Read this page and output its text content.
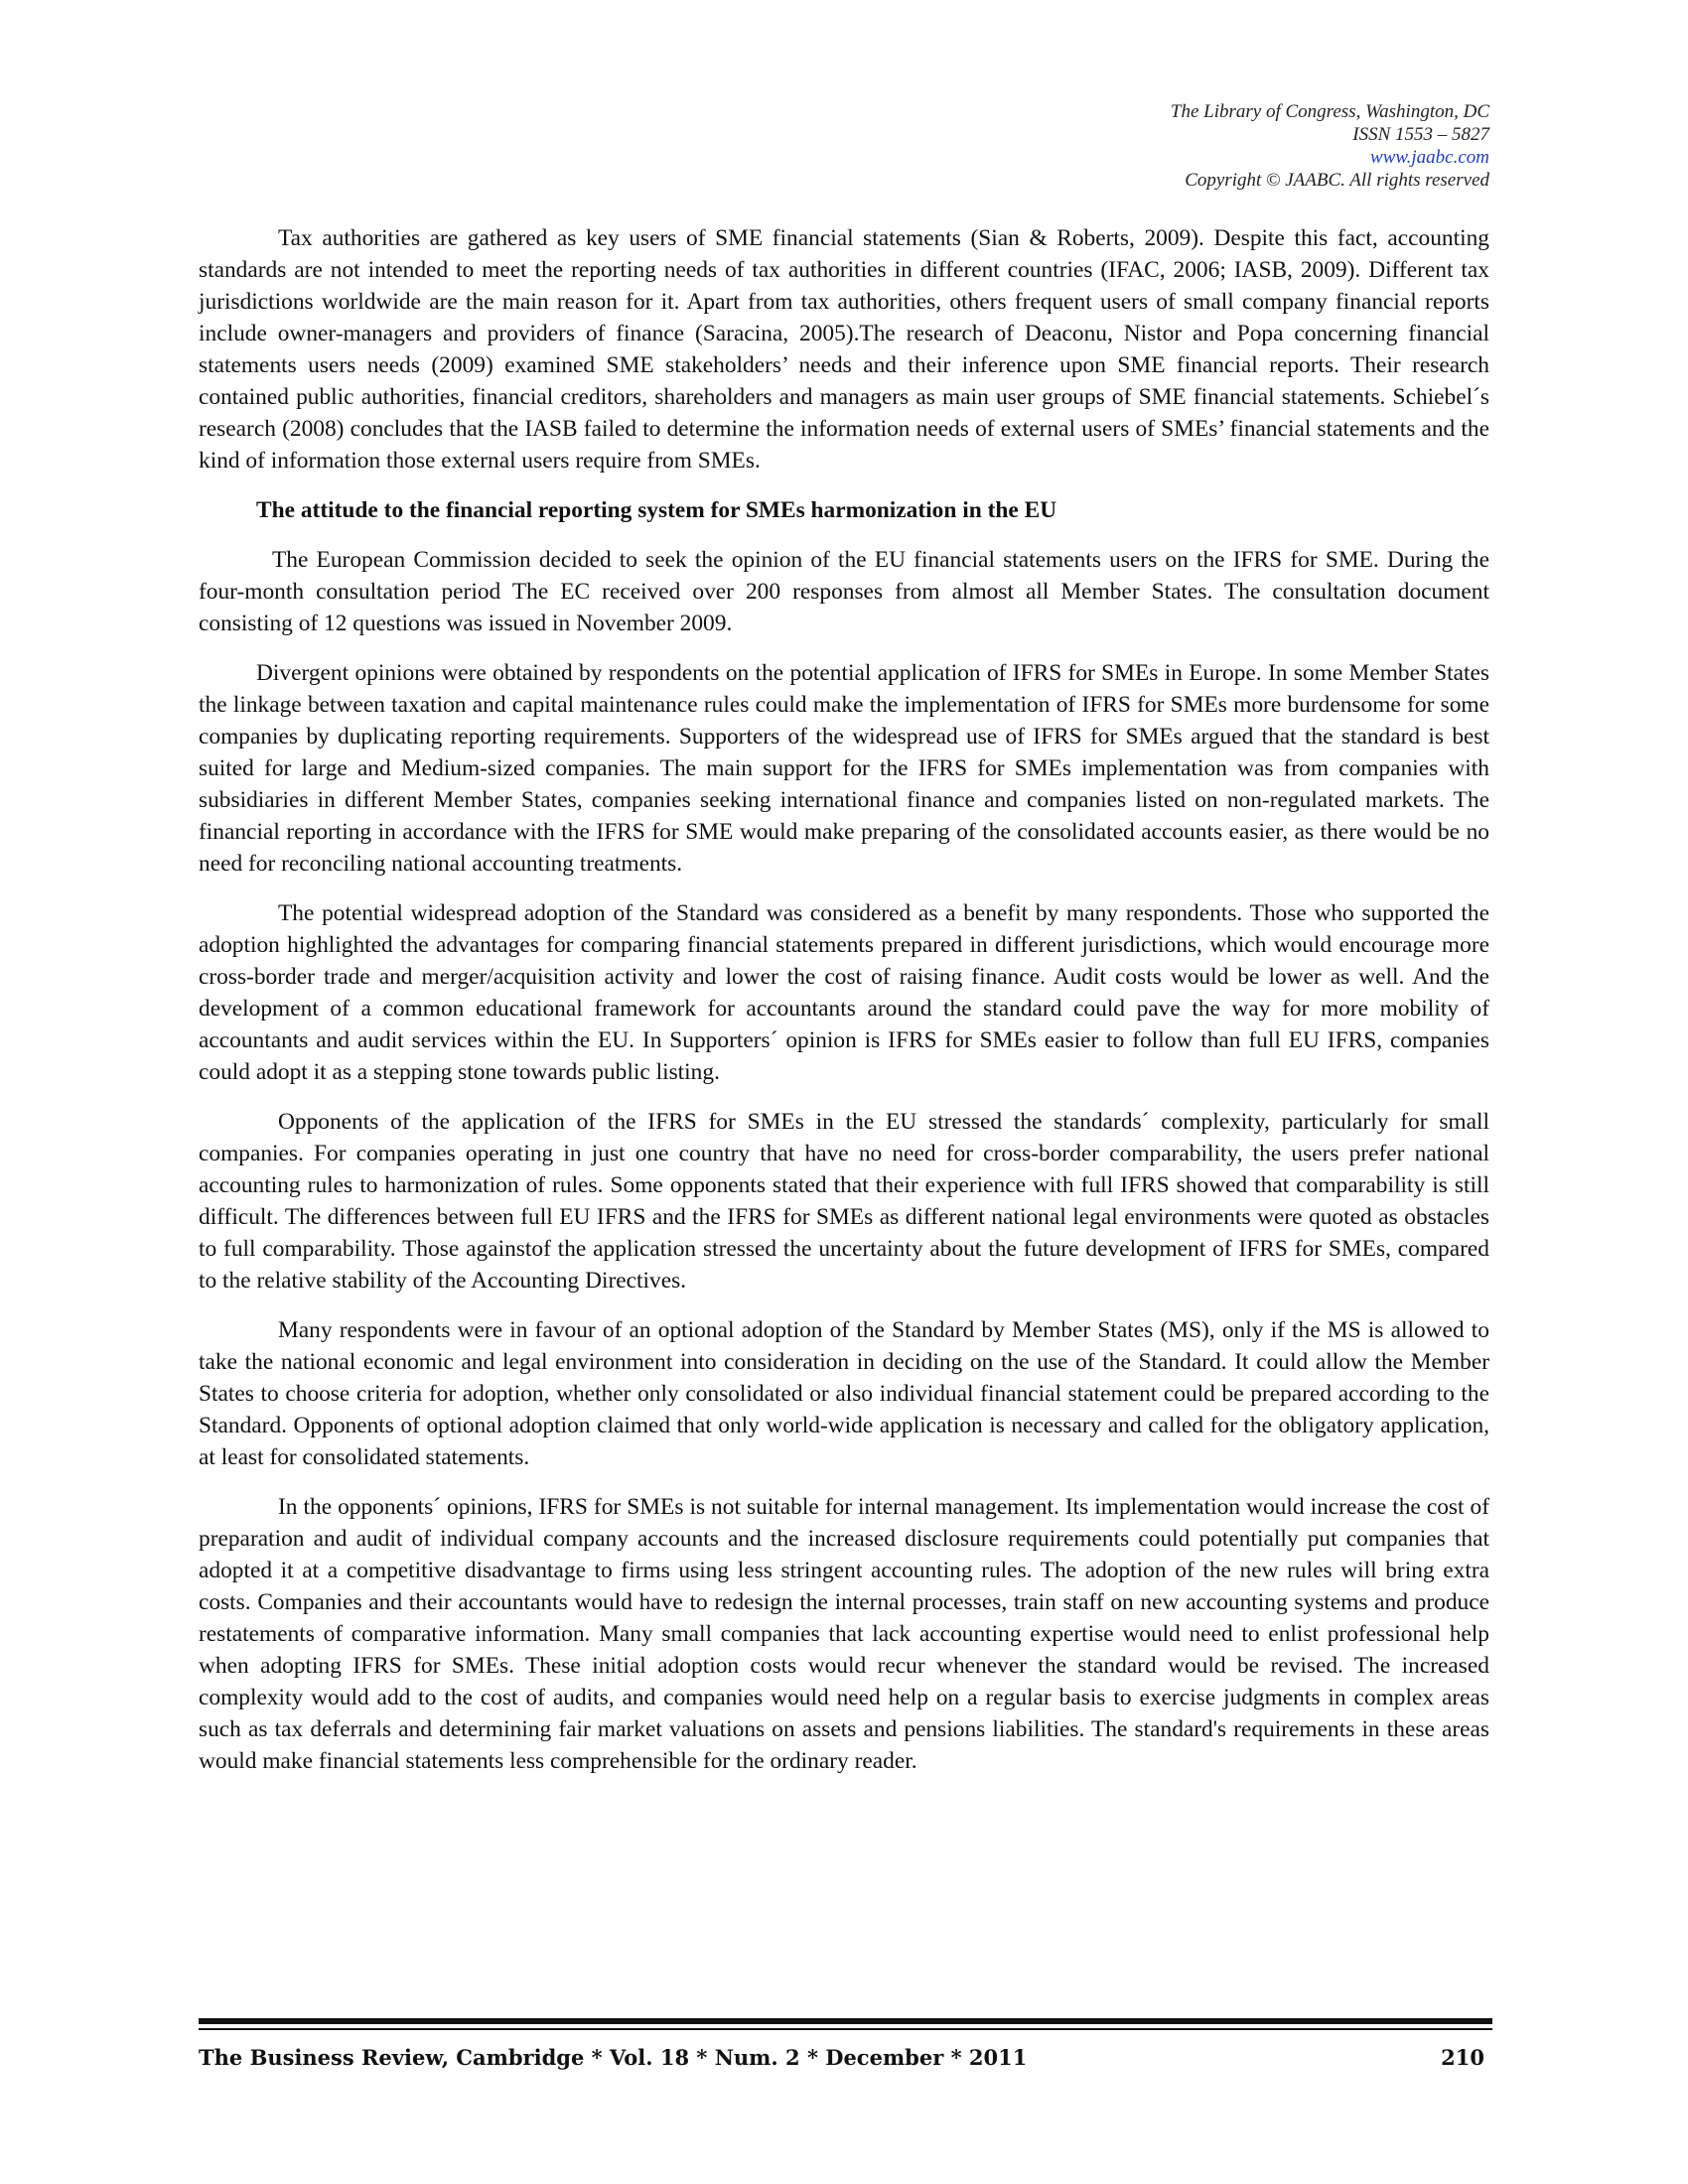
The Library of Congress, Washington, DC
ISSN 1553 – 5827
www.jaabc.com
Copyright © JAABC. All rights reserved

Tax authorities are gathered as key users of SME financial statements (Sian & Roberts, 2009). Despite this fact, accounting standards are not intended to meet the reporting needs of tax authorities in different countries (IFAC, 2006; IASB, 2009). Different tax jurisdictions worldwide are the main reason for it. Apart from tax authorities, others frequent users of small company financial reports include owner-managers and providers of finance (Saracina, 2005).The research of Deaconu, Nistor and Popa concerning financial statements users needs (2009) examined SME stakeholders’ needs and their inference upon SME financial reports. Their research contained public authorities, financial creditors, shareholders and managers as main user groups of SME financial statements. Schiebel´s research (2008) concludes that the IASB failed to determine the information needs of external users of SMEs’ financial statements and the kind of information those external users require from SMEs.

The attitude to the financial reporting system for SMEs harmonization in the EU

The European Commission decided to seek the opinion of the EU financial statements users on the IFRS for SME. During the four-month consultation period The EC received over 200 responses from almost all Member States. The consultation document consisting of 12 questions was issued in November 2009.

Divergent opinions were obtained by respondents on the potential application of IFRS for SMEs in Europe. In some Member States the linkage between taxation and capital maintenance rules could make the implementation of IFRS for SMEs more burdensome for some companies by duplicating reporting requirements. Supporters of the widespread use of IFRS for SMEs argued that the standard is best suited for large and Medium-sized companies. The main support for the IFRS for SMEs implementation was from companies with subsidiaries in different Member States, companies seeking international finance and companies listed on non-regulated markets. The financial reporting in accordance with the IFRS for SME would make preparing of the consolidated accounts easier, as there would be no need for reconciling national accounting treatments.

The potential widespread adoption of the Standard was considered as a benefit by many respondents. Those who supported the adoption highlighted the advantages for comparing financial statements prepared in different jurisdictions, which would encourage more cross-border trade and merger/acquisition activity and lower the cost of raising finance. Audit costs would be lower as well. And the development of a common educational framework for accountants around the standard could pave the way for more mobility of accountants and audit services within the EU. In Supporters´ opinion is IFRS for SMEs easier to follow than full EU IFRS, companies could adopt it as a stepping stone towards public listing.

Opponents of the application of the IFRS for SMEs in the EU stressed the standards´ complexity, particularly for small companies. For companies operating in just one country that have no need for cross-border comparability, the users prefer national accounting rules to harmonization of rules. Some opponents stated that their experience with full IFRS showed that comparability is still difficult. The differences between full EU IFRS and the IFRS for SMEs as different national legal environments were quoted as obstacles to full comparability. Those againstof the application stressed the uncertainty about the future development of IFRS for SMEs, compared to the relative stability of the Accounting Directives.

Many respondents were in favour of an optional adoption of the Standard by Member States (MS), only if the MS is allowed to take the national economic and legal environment into consideration in deciding on the use of the Standard. It could allow the Member States to choose criteria for adoption, whether only consolidated or also individual financial statement could be prepared according to the Standard. Opponents of optional adoption claimed that only world-wide application is necessary and called for the obligatory application, at least for consolidated statements.

In the opponents´ opinions, IFRS for SMEs is not suitable for internal management. Its implementation would increase the cost of preparation and audit of individual company accounts and the increased disclosure requirements could potentially put companies that adopted it at a competitive disadvantage to firms using less stringent accounting rules. The adoption of the new rules will bring extra costs. Companies and their accountants would have to redesign the internal processes, train staff on new accounting systems and produce restatements of comparative information. Many small companies that lack accounting expertise would need to enlist professional help when adopting IFRS for SMEs. These initial adoption costs would recur whenever the standard would be revised. The increased complexity would add to the cost of audits, and companies would need help on a regular basis to exercise judgments in complex areas such as tax deferrals and determining fair market valuations on assets and pensions liabilities. The standard's requirements in these areas would make financial statements less comprehensible for the ordinary reader.

The Business Review, Cambridge * Vol. 18 * Num. 2 * December * 2011	210
